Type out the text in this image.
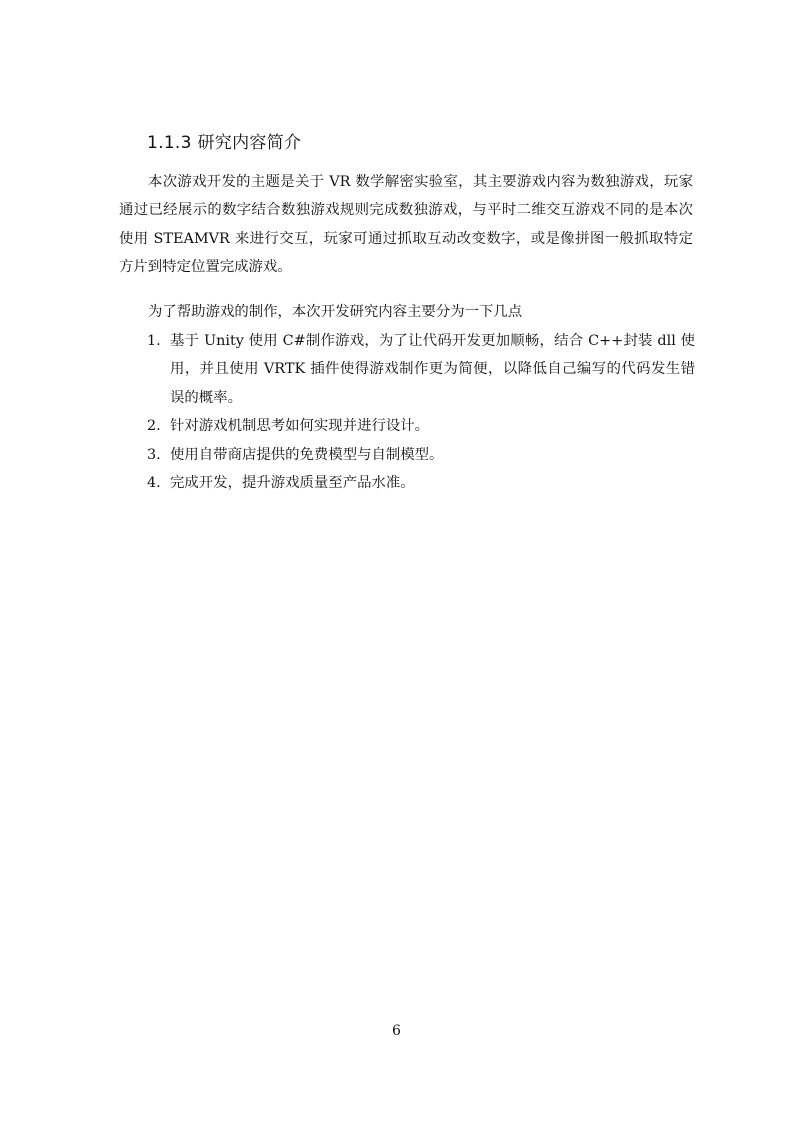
1.1.3 研究内容简介

本次游戏开发的主题是关于 VR 数学解密实验室，其主要游戏内容为数独游戏，玩家通过已经展示的数字结合数独游戏规则完成数独游戏，与平时二维交互游戏不同的是本次使用 STEAMVR 来进行交互，玩家可通过抓取互动改变数字，或是像拼图一般抓取特定方片到特定位置完成游戏。

为了帮助游戏的制作，本次开发研究内容主要分为一下几点

1. 基于 Unity 使用 C#制作游戏，为了让代码开发更加顺畅，结合 C++封装 dll 使用，并且使用 VRTK 插件使得游戏制作更为简便，以降低自己编写的代码发生错误的概率。
2. 针对游戏机制思考如何实现并进行设计。
3. 使用自带商店提供的免费模型与自制模型。
4. 完成开发，提升游戏质量至产品水准。
6
